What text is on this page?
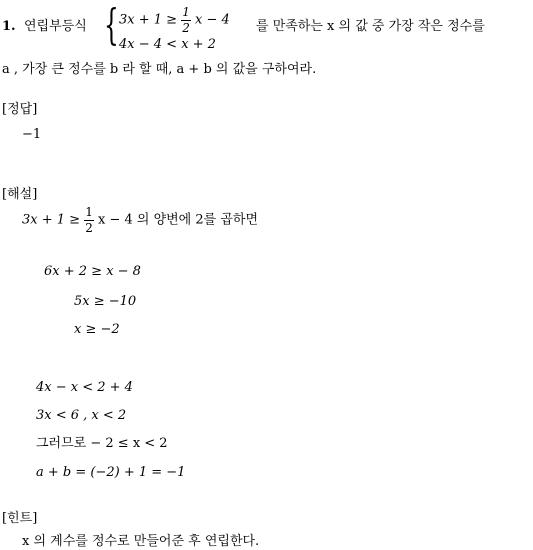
1. 연립부등식 { $3x + 1 \ge \frac{1}{2}$ x − 4
4x − 4 < x + 2
를 만족하는 x 의 값 중 가장 작은 정수를
a , 가장 큰 정수를 b 라 할 때, a + b 의 값을 구하여라.
[정답]
−1
[해설]
$3x + 1 \ge \frac{1}{2}$ x − 4 의 양변에 2를 곱하면
6x + 2 ≥ x − 8
5x ≥ −10
x ≥ −2
4x − x < 2 + 4
3x < 6 , x < 2
그러므로 − 2 ≤ x < 2
a + b = (−2) + 1 = −1
[힌트]
x 의 계수를 정수로 만들어준 후 연립한다.
